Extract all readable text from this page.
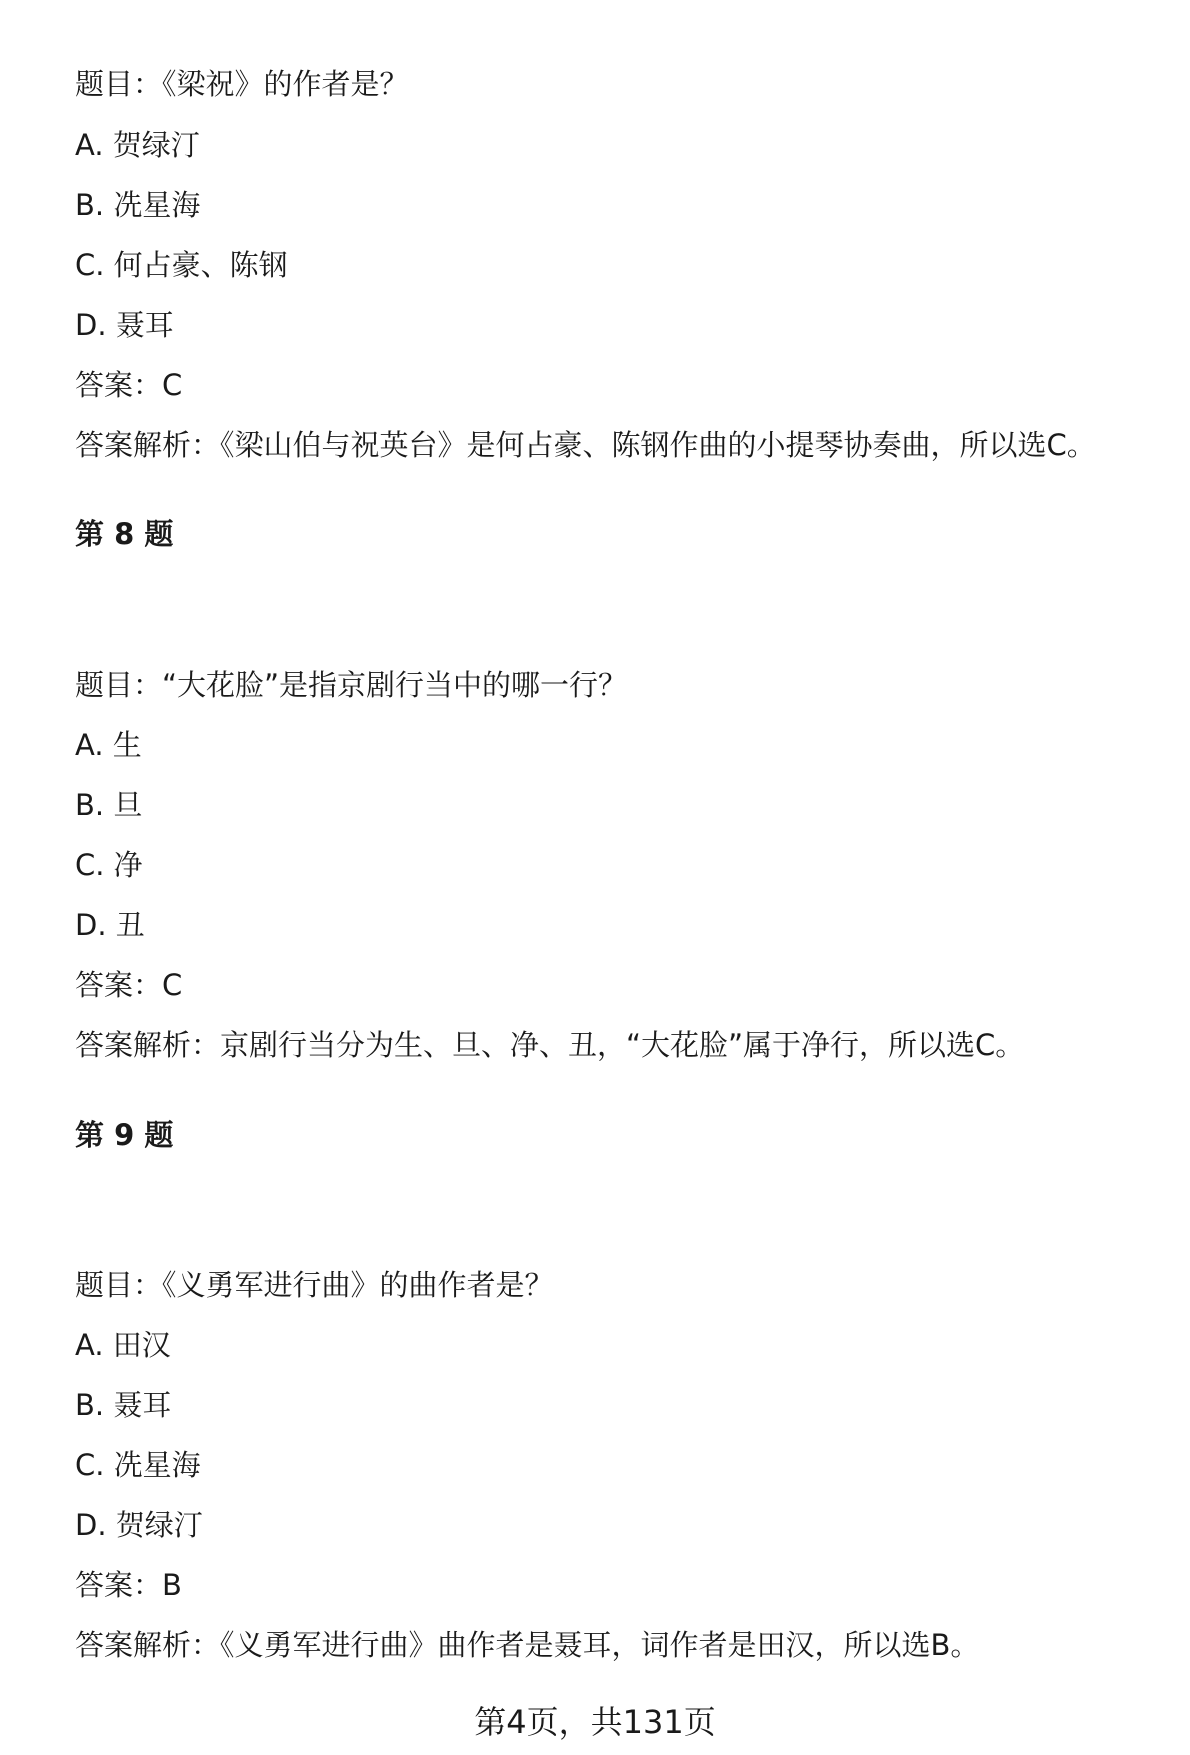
题目：《梁祝》的作者是？
A. 贺绿汀
B. 冼星海
C. 何占豪、陈钢
D. 聂耳
答案：C
答案解析：《梁山伯与祝英台》是何占豪、陈钢作曲的小提琴协奏曲，所以选C。
第 8 题
题目：“大花脸”是指京剧行当中的哪一行？
A. 生
B. 旦
C. 净
D. 丑
答案：C
答案解析：京剧行当分为生、旦、净、丑，“大花脸”属于净行，所以选C。
第 9 题
题目：《义勇军进行曲》的曲作者是？
A. 田汉
B. 聂耳
C. 冼星海
D. 贺绿汀
答案：B
答案解析：《义勇军进行曲》曲作者是聂耳，词作者是田汉，所以选B。
第4页，共131页
